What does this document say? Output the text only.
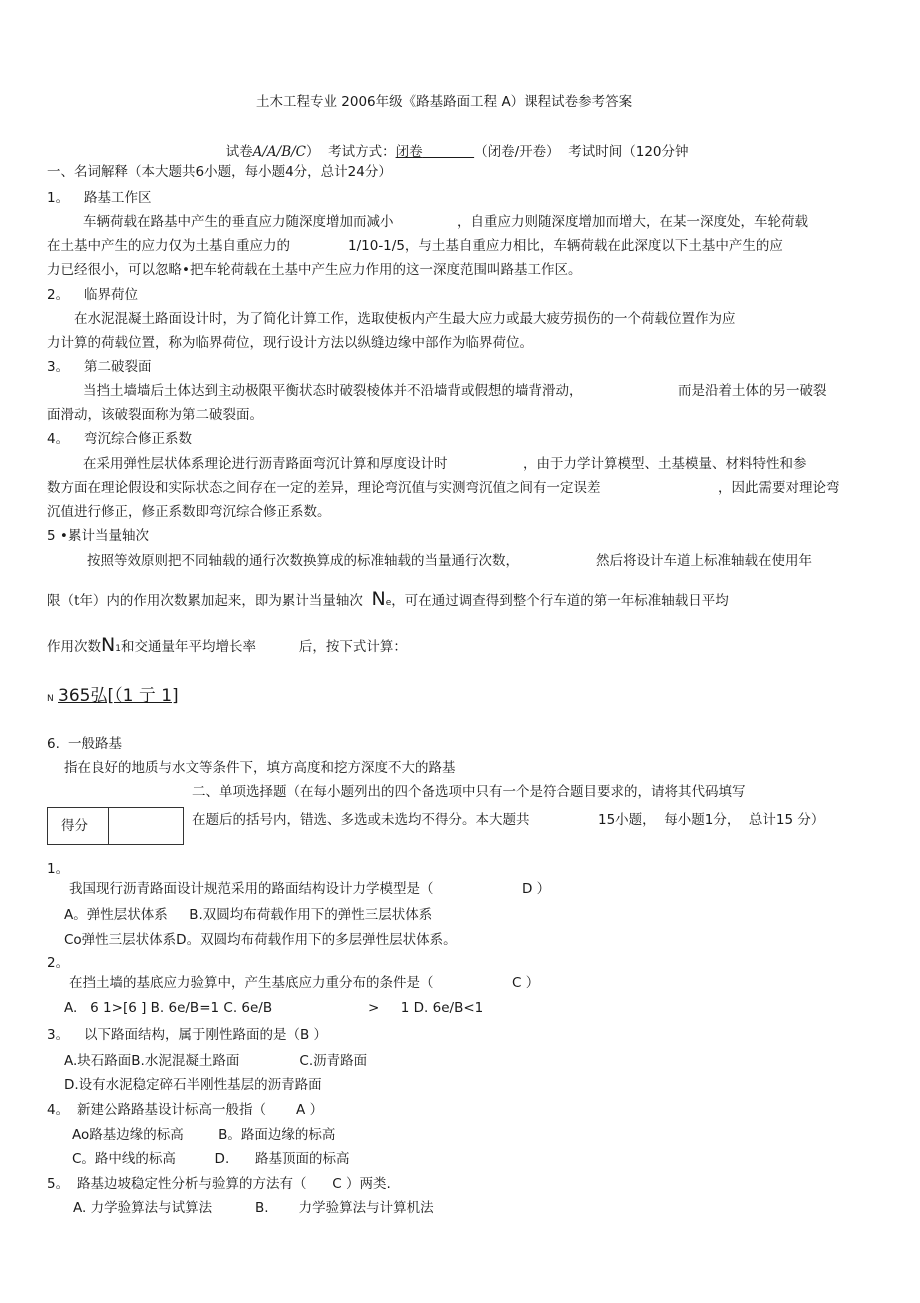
土木工程专业 2006年级《路基路面工程 A）课程试卷参考答案

试卷A/A/B/C）  考试方式：闭卷	（闭卷/开卷）  考试时间（120分钟

一、名词解释（本大题共6小题，每小题4分，总计24分）
1。 路基工作区
车辆荷载在路基中产生的垂直应力随深度增加而减小	，自重应力则随深度增加而增大，在某一深度处，车轮荷载
在土基中产生的应力仅为土基自重应力的	1/10-1/5，与土基自重应力相比，车辆荷载在此深度以下土基中产生的应
力已经很小，可以忽略•把车轮荷载在土基中产生应力作用的这一深度范围叫路基工作区。
2。 临界荷位
在水泥混凝土路面设计时，为了简化计算工作，选取使板内产生最大应力或最大疲劳损伤的一个荷载位置作为应
力计算的荷载位置，称为临界荷位，现行设计方法以纵缝边缘中部作为临界荷位。
3。 第二破裂面
当挡土墙墙后土体达到主动极限平衡状态时破裂棱体并不沿墙背或假想的墙背滑动，	而是沿着土体的另一破裂
面滑动，该破裂面称为第二破裂面。
4。 弯沉综合修正系数
在采用弹性层状体系理论进行沥青路面弯沉计算和厚度设计时	，由于力学计算模型、土基模量、材料特性和参
数方面在理论假设和实际状态之间存在一定的差异，理论弯沉值与实测弯沉值之间有一定误差	，因此需要对理论弯
沉值进行修正，修正系数即弯沉综合修正系数。
5 • 累计当量轴次
按照等效原则把不同轴载的通行次数换算成的标准轴载的当量通行次数，	然后将设计车道上标准轴载在使用年
限（t年）内的作用次数累加起来，即为累计当量轴次  Ne，可在通过调查得到整个行车道的第一年标准轴载日平均
作用次数N1和交通量年平均增长率	后，按下式计算：
N 365弘[（1 亍 1]
6. 一般路基
指在良好的地质与水文等条件下，填方高度和挖方深度不大的路基
得分
二、单项选择题（在每小题列出的四个备选项中只有一个是符合题目要求的，请将其代码填写
在题后的括号内，错选、多选或未选均不得分。本大题共	15小题，  每小题1分，  总计15 分）
1。
我国现行沥青路面设计规范采用的路面结构设计力学模型是（	D ）
A。弹性层状体系     B.双圆均布荷载作用下的弹性三层状体系
Co弹性三层状体系D。双圆均布荷载作用下的多层弹性层状体系。
2。
在挡土墙的基底应力验算中，产生基底应力重分布的条件是（	C ）
A.   6 1>[6 ] B. 6e/B=1 C. 6e/B	>     1 D. 6e/B<1
3。 以下路面结构，属于刚性路面的是（B ）
A.块石路面B.水泥混凝土路面              C.沥青路面
D.设有水泥稳定碎石半刚性基层的沥青路面
4。 新建公路路基设计标高一般指（       A ）
Ao路基边缘的标高        B。路面边缘的标高
C。路中线的标高         D.      路基顶面的标高
5。 路基边坡稳定性分析与验算的方法有（      C ）两类.
A. 力学验算法与试算法          B.       力学验算法与计算机法
